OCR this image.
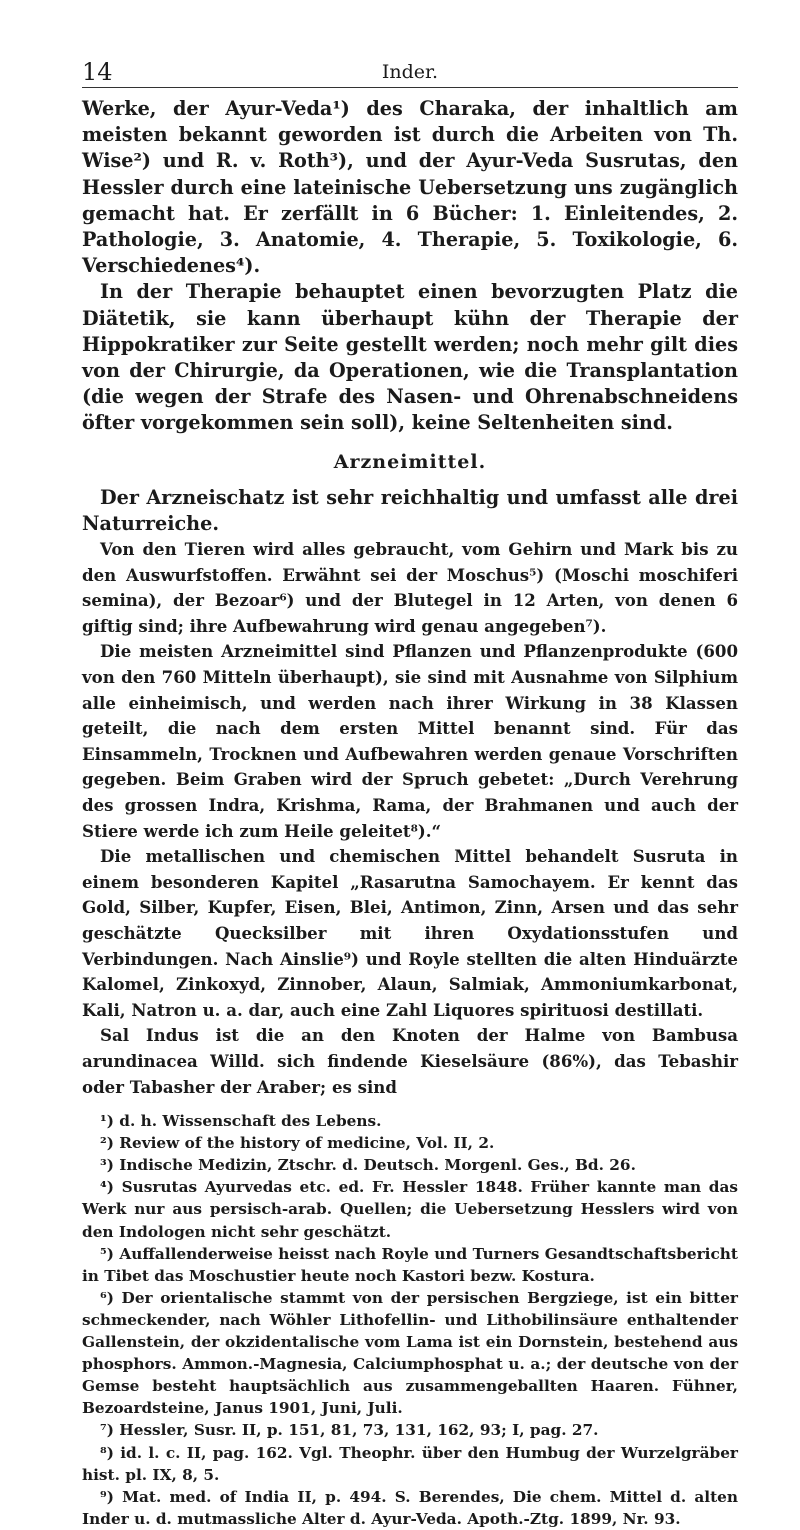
14	Inder.

Werke, der Ayur-Veda¹) des Charaka, der inhaltlich am meisten bekannt geworden ist durch die Arbeiten von Th. Wise²) und R. v. Roth³), und der Ayur-Veda Susrutas, den Hessler durch eine lateinische Uebersetzung uns zugänglich gemacht hat. Er zerfällt in 6 Bücher: 1. Einleitendes, 2. Pathologie, 3. Anatomie, 4. Therapie, 5. Toxikologie, 6. Verschiedenes⁴).

In der Therapie behauptet einen bevorzugten Platz die Diätetik, sie kann überhaupt kühn der Therapie der Hippokratiker zur Seite gestellt werden; noch mehr gilt dies von der Chirurgie, da Operationen, wie die Transplantation (die wegen der Strafe des Nasen- und Ohrenabschneidens öfter vorgekommen sein soll), keine Seltenheiten sind.

Arzneimittel.

Der Arzneischatz ist sehr reichhaltig und umfasst alle drei Naturreiche.

Von den Tieren wird alles gebraucht, vom Gehirn und Mark bis zu den Auswurfstoffen. Erwähnt sei der Moschus⁵) (Moschi moschiferi semina), der Bezoar⁶) und der Blutegel in 12 Arten, von denen 6 giftig sind; ihre Aufbewahrung wird genau angegeben⁷).

Die meisten Arzneimittel sind Pflanzen und Pflanzenprodukte (600 von den 760 Mitteln überhaupt), sie sind mit Ausnahme von Silphium alle einheimisch, und werden nach ihrer Wirkung in 38 Klassen geteilt, die nach dem ersten Mittel benannt sind. Für das Einsammeln, Trocknen und Aufbewahren werden genaue Vorschriften gegeben. Beim Graben wird der Spruch gebetet: „Durch Verehrung des grossen Indra, Krishma, Rama, der Brahmanen und auch der Stiere werde ich zum Heile geleitet⁸).“

Die metallischen und chemischen Mittel behandelt Susruta in einem besonderen Kapitel „Rasarutna Samochayem. Er kennt das Gold, Silber, Kupfer, Eisen, Blei, Antimon, Zinn, Arsen und das sehr geschätzte Quecksilber mit ihren Oxydationsstufen und Verbindungen. Nach Ainslie⁹) und Royle stellten die alten Hinduärzte Kalomel, Zinkoxyd, Zinnober, Alaun, Salmiak, Ammoniumkarbonat, Kali, Natron u. a. dar, auch eine Zahl Liquores spirituosi destillati.

Sal Indus ist die an den Knoten der Halme von Bambusa arundinacea Willd. sich findende Kieselsäure (86%), das Tebashir oder Tabasher der Araber; es sind

¹) d. h. Wissenschaft des Lebens.

²) Review of the history of medicine, Vol. II, 2.

³) Indische Medizin, Ztschr. d. Deutsch. Morgenl. Ges., Bd. 26.

⁴) Susrutas Ayurvedas etc. ed. Fr. Hessler 1848. Früher kannte man das Werk nur aus persisch-arab. Quellen; die Uebersetzung Hesslers wird von den Indologen nicht sehr geschätzt.

⁵) Auffallenderweise heisst nach Royle und Turners Gesandtschaftsbericht in Tibet das Moschustier heute noch Kastori bezw. Kostura.

⁶) Der orientalische stammt von der persischen Bergziege, ist ein bitter schmeckender, nach Wöhler Lithofellin- und Lithobilinsäure enthaltender Gallenstein, der okzidentalische vom Lama ist ein Dornstein, bestehend aus phosphors. Ammon.-Magnesia, Calciumphosphat u. a.; der deutsche von der Gemse besteht hauptsächlich aus zusammengeballten Haaren. Fühner, Bezoardsteine, Janus 1901, Juni, Juli.

⁷) Hessler, Susr. II, p. 151, 81, 73, 131, 162, 93; I, pag. 27.

⁸) id. l. c. II, pag. 162. Vgl. Theophr. über den Humbug der Wurzelgräber hist. pl. IX, 8, 5.

⁹) Mat. med. of India II, p. 494. S. Berendes, Die chem. Mittel d. alten Inder u. d. mutmassliche Alter d. Ayur-Veda. Apoth.-Ztg. 1899, Nr. 93.
